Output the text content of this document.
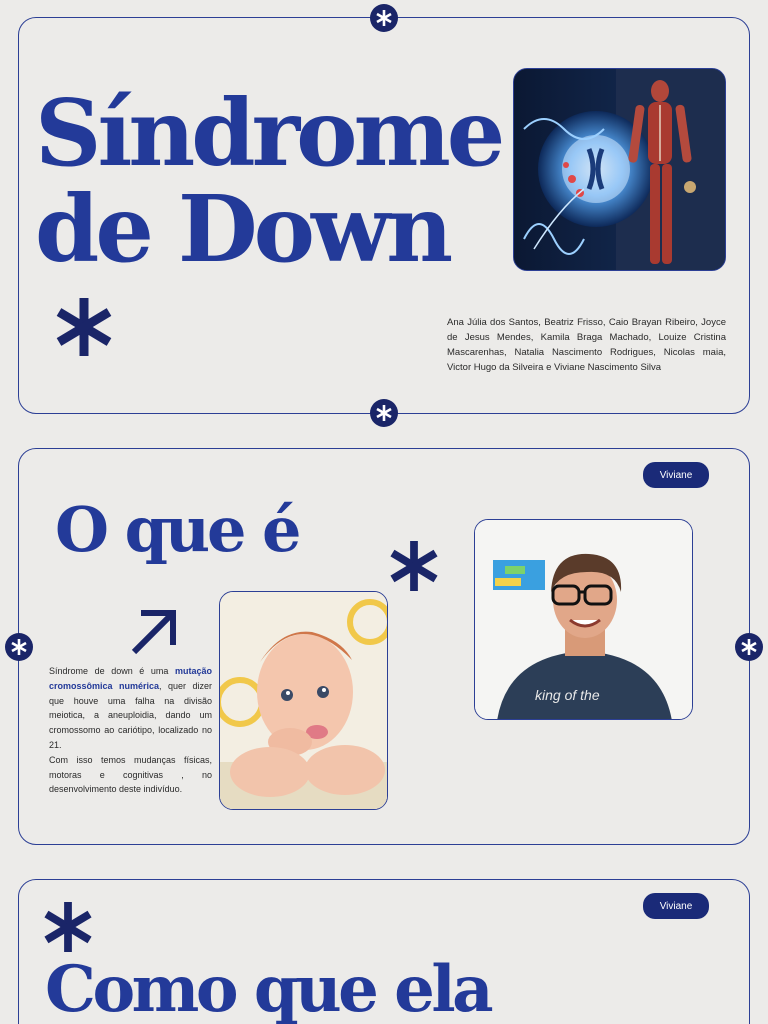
Síndrome
de Down
Ana Júlia dos Santos, Beatriz Frisso, Caio Brayan Ribeiro, Joyce de Jesus Mendes, Kamila Braga Machado, Louize Cristina Mascarenhas, Natalia Nascimento Rodrigues, Nicolas maia, Victor Hugo da Silveira e Viviane Nascimento Silva
Viviane
O que é
Síndrome de down é uma mutação cromossômica numérica, quer dizer que houve uma falha na divisão meiotica, a aneuploidia, dando um cromossomo ao cariótipo, localizado no 21.
Com isso temos mudanças físicas, motoras e cognitivas , no desenvolvimento deste indivíduo.
king of the
Viviane
Como que ela
